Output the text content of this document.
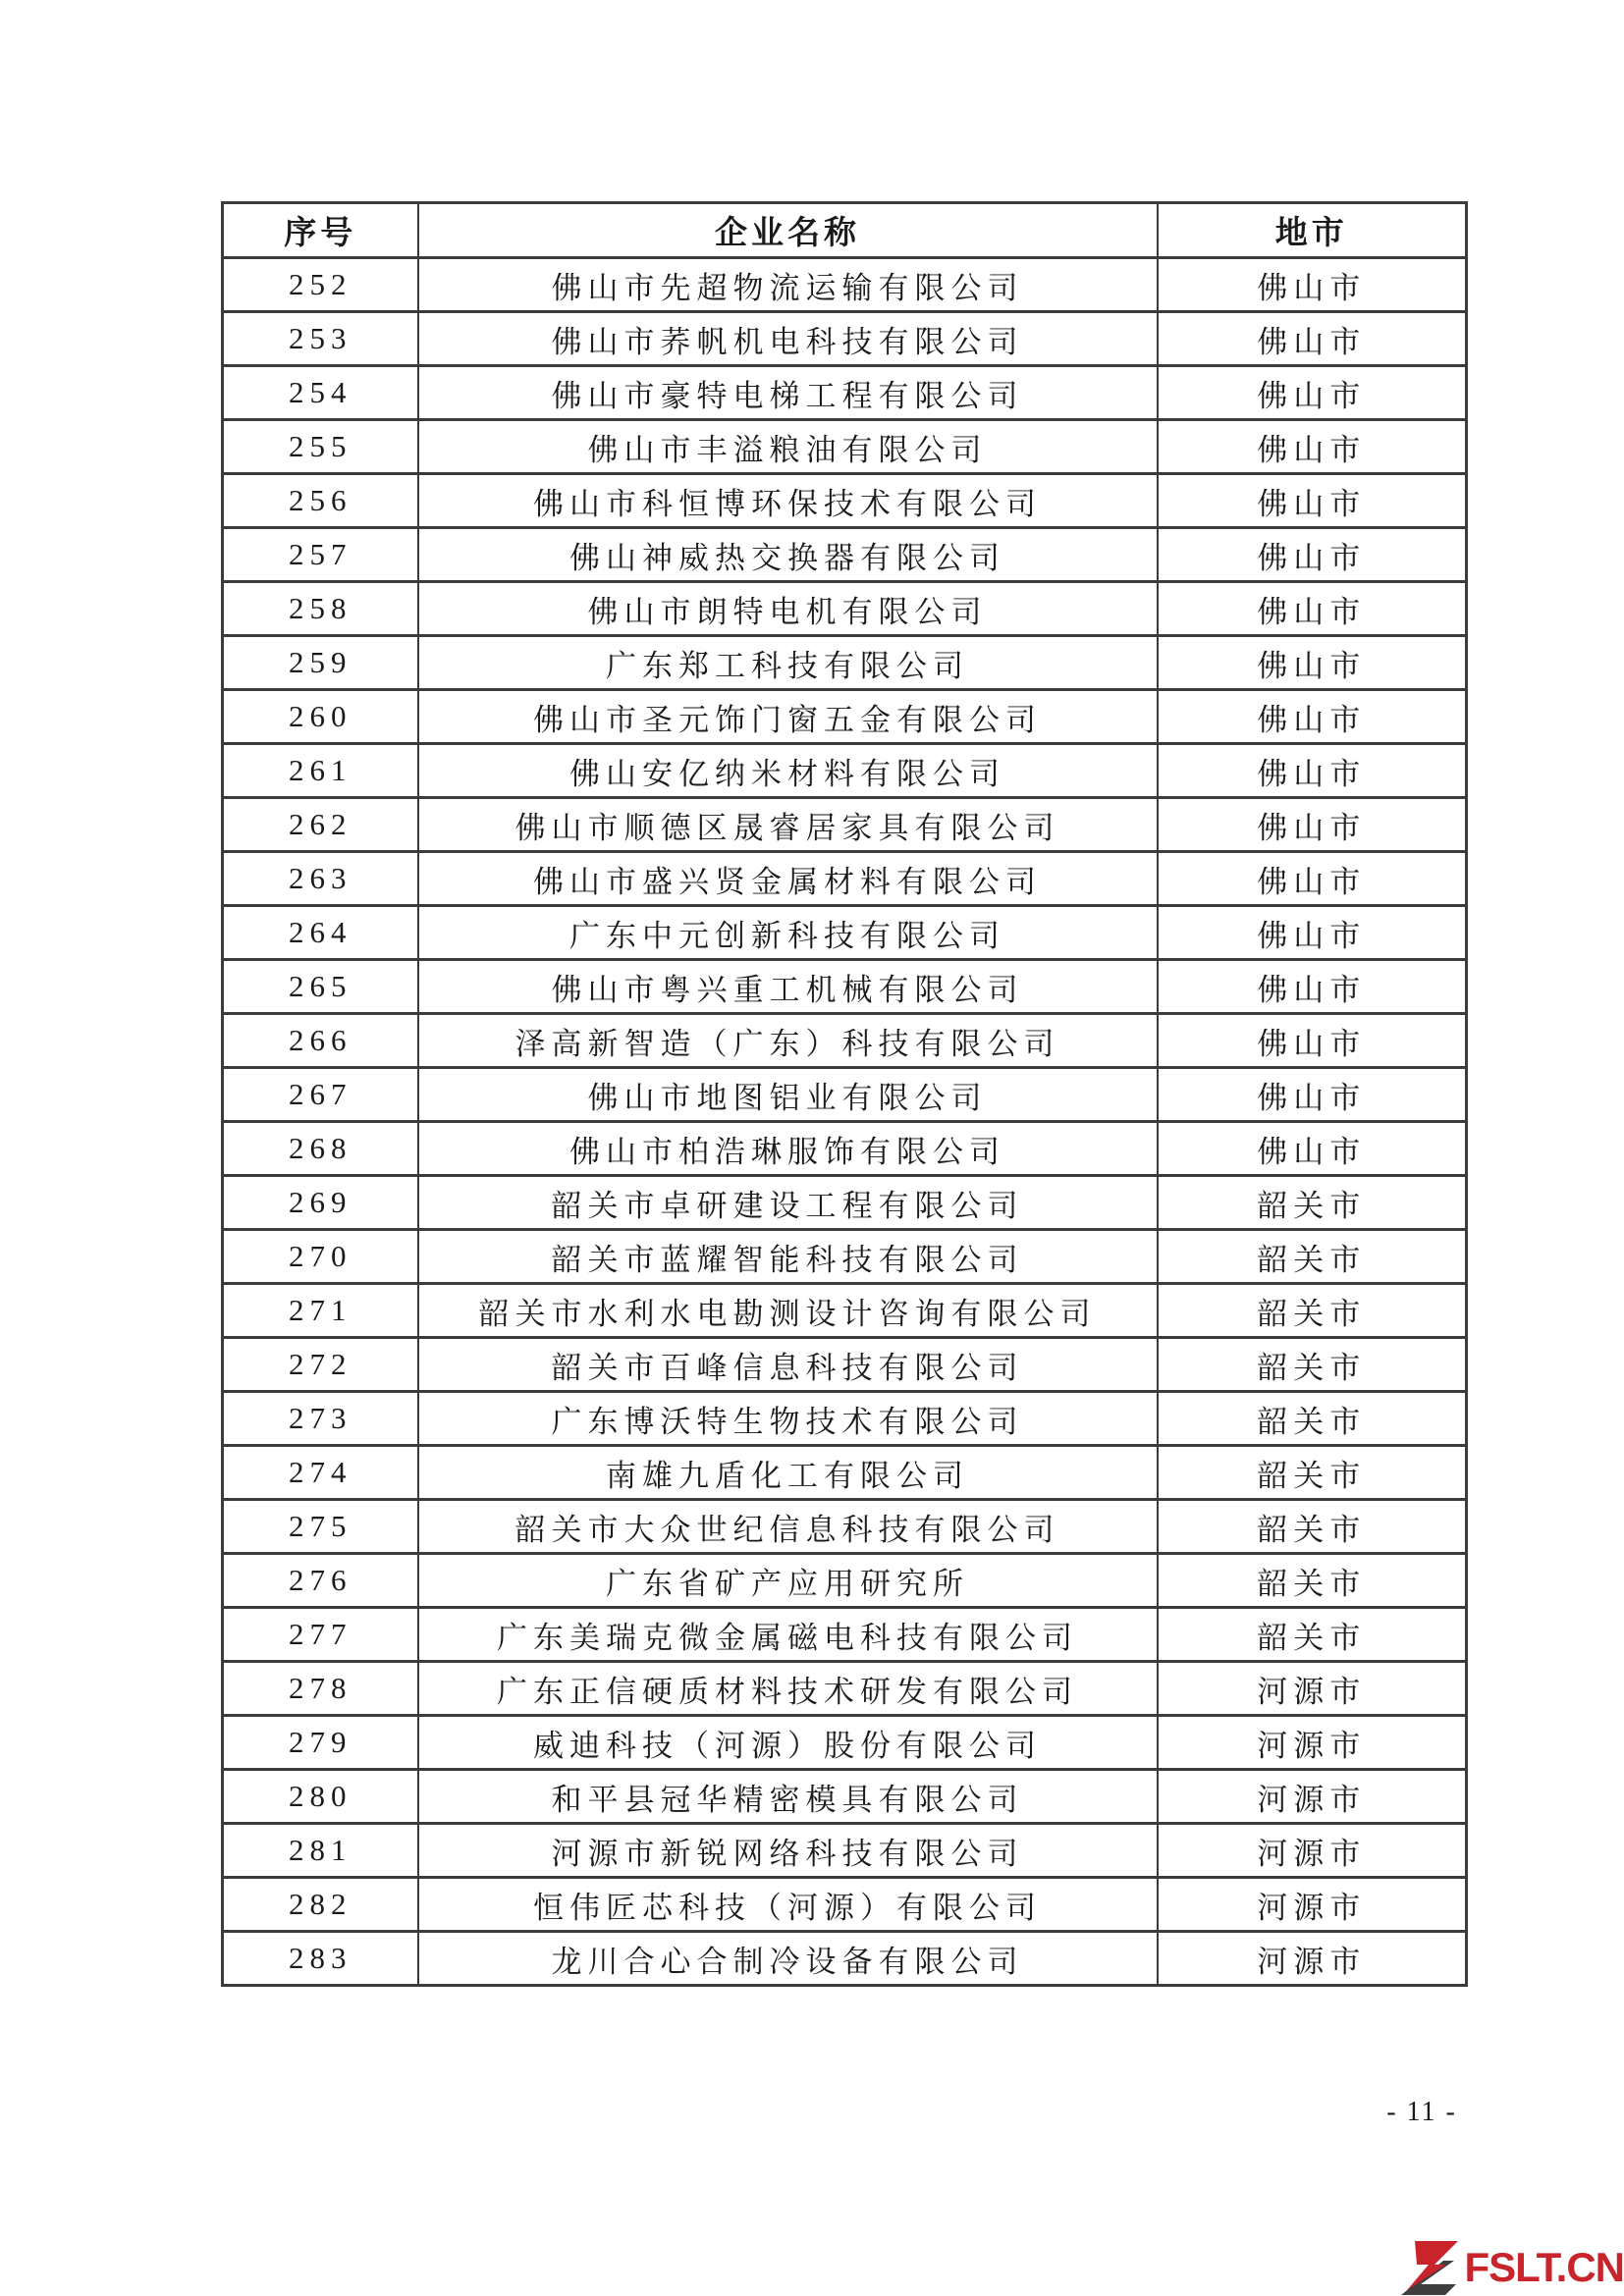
序号	企业名称	地市
252	佛山市先超物流运输有限公司	佛山市
253	佛山市荞帆机电科技有限公司	佛山市
254	佛山市豪特电梯工程有限公司	佛山市
255	佛山市丰溢粮油有限公司	佛山市
256	佛山市科恒博环保技术有限公司	佛山市
257	佛山神威热交换器有限公司	佛山市
258	佛山市朗特电机有限公司	佛山市
259	广东郑工科技有限公司	佛山市
260	佛山市圣元饰门窗五金有限公司	佛山市
261	佛山安亿纳米材料有限公司	佛山市
262	佛山市顺德区晟睿居家具有限公司	佛山市
263	佛山市盛兴贤金属材料有限公司	佛山市
264	广东中元创新科技有限公司	佛山市
265	佛山市粤兴重工机械有限公司	佛山市
266	泽高新智造（广东）科技有限公司	佛山市
267	佛山市地图铝业有限公司	佛山市
268	佛山市柏浩琳服饰有限公司	佛山市
269	韶关市卓研建设工程有限公司	韶关市
270	韶关市蓝耀智能科技有限公司	韶关市
271	韶关市水利水电勘测设计咨询有限公司	韶关市
272	韶关市百峰信息科技有限公司	韶关市
273	广东博沃特生物技术有限公司	韶关市
274	南雄九盾化工有限公司	韶关市
275	韶关市大众世纪信息科技有限公司	韶关市
276	广东省矿产应用研究所	韶关市
277	广东美瑞克微金属磁电科技有限公司	韶关市
278	广东正信硬质材料技术研发有限公司	河源市
279	威迪科技（河源）股份有限公司	河源市
280	和平县冠华精密模具有限公司	河源市
281	河源市新锐网络科技有限公司	河源市
282	恒伟匠芯科技（河源）有限公司	河源市
283	龙川合心合制冷设备有限公司	河源市
- 11 -
FSLT.CN
